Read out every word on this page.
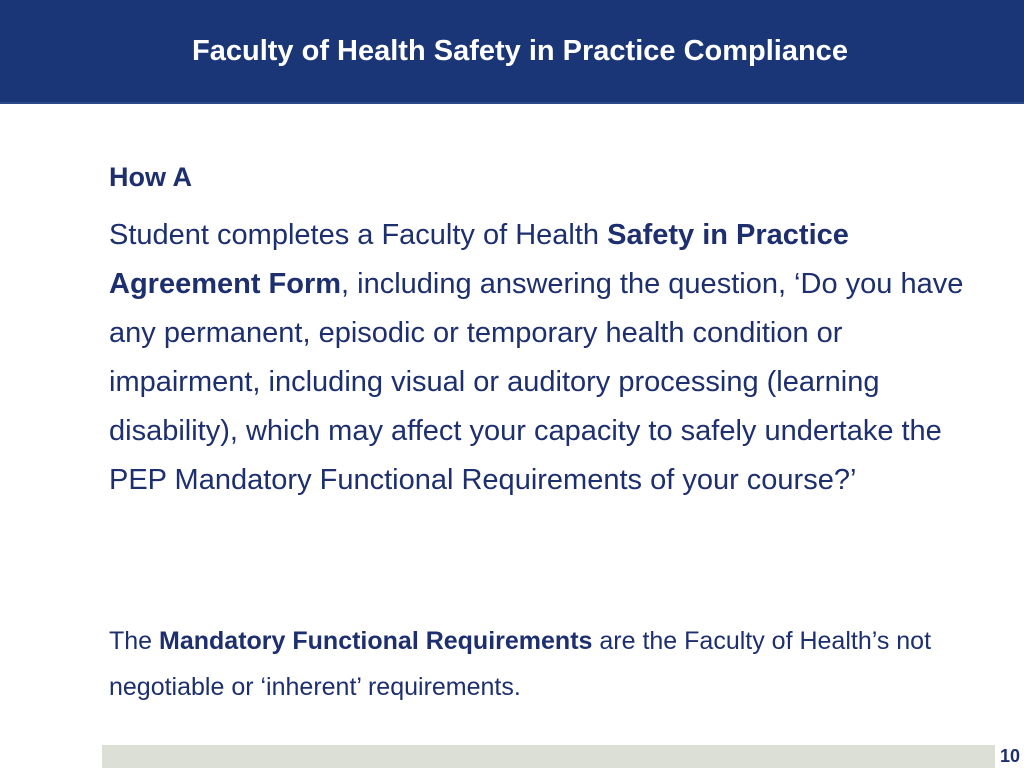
Faculty of Health Safety in Practice Compliance
How A

Student completes a Faculty of Health Safety in Practice Agreement Form, including answering the question, ‘Do you have any permanent, episodic or temporary health condition or impairment, including visual or auditory processing (learning disability), which may affect your capacity to safely undertake the PEP Mandatory Functional Requirements of your course?’

The Mandatory Functional Requirements are the Faculty of Health’s not negotiable or ‘inherent’ requirements.

10
